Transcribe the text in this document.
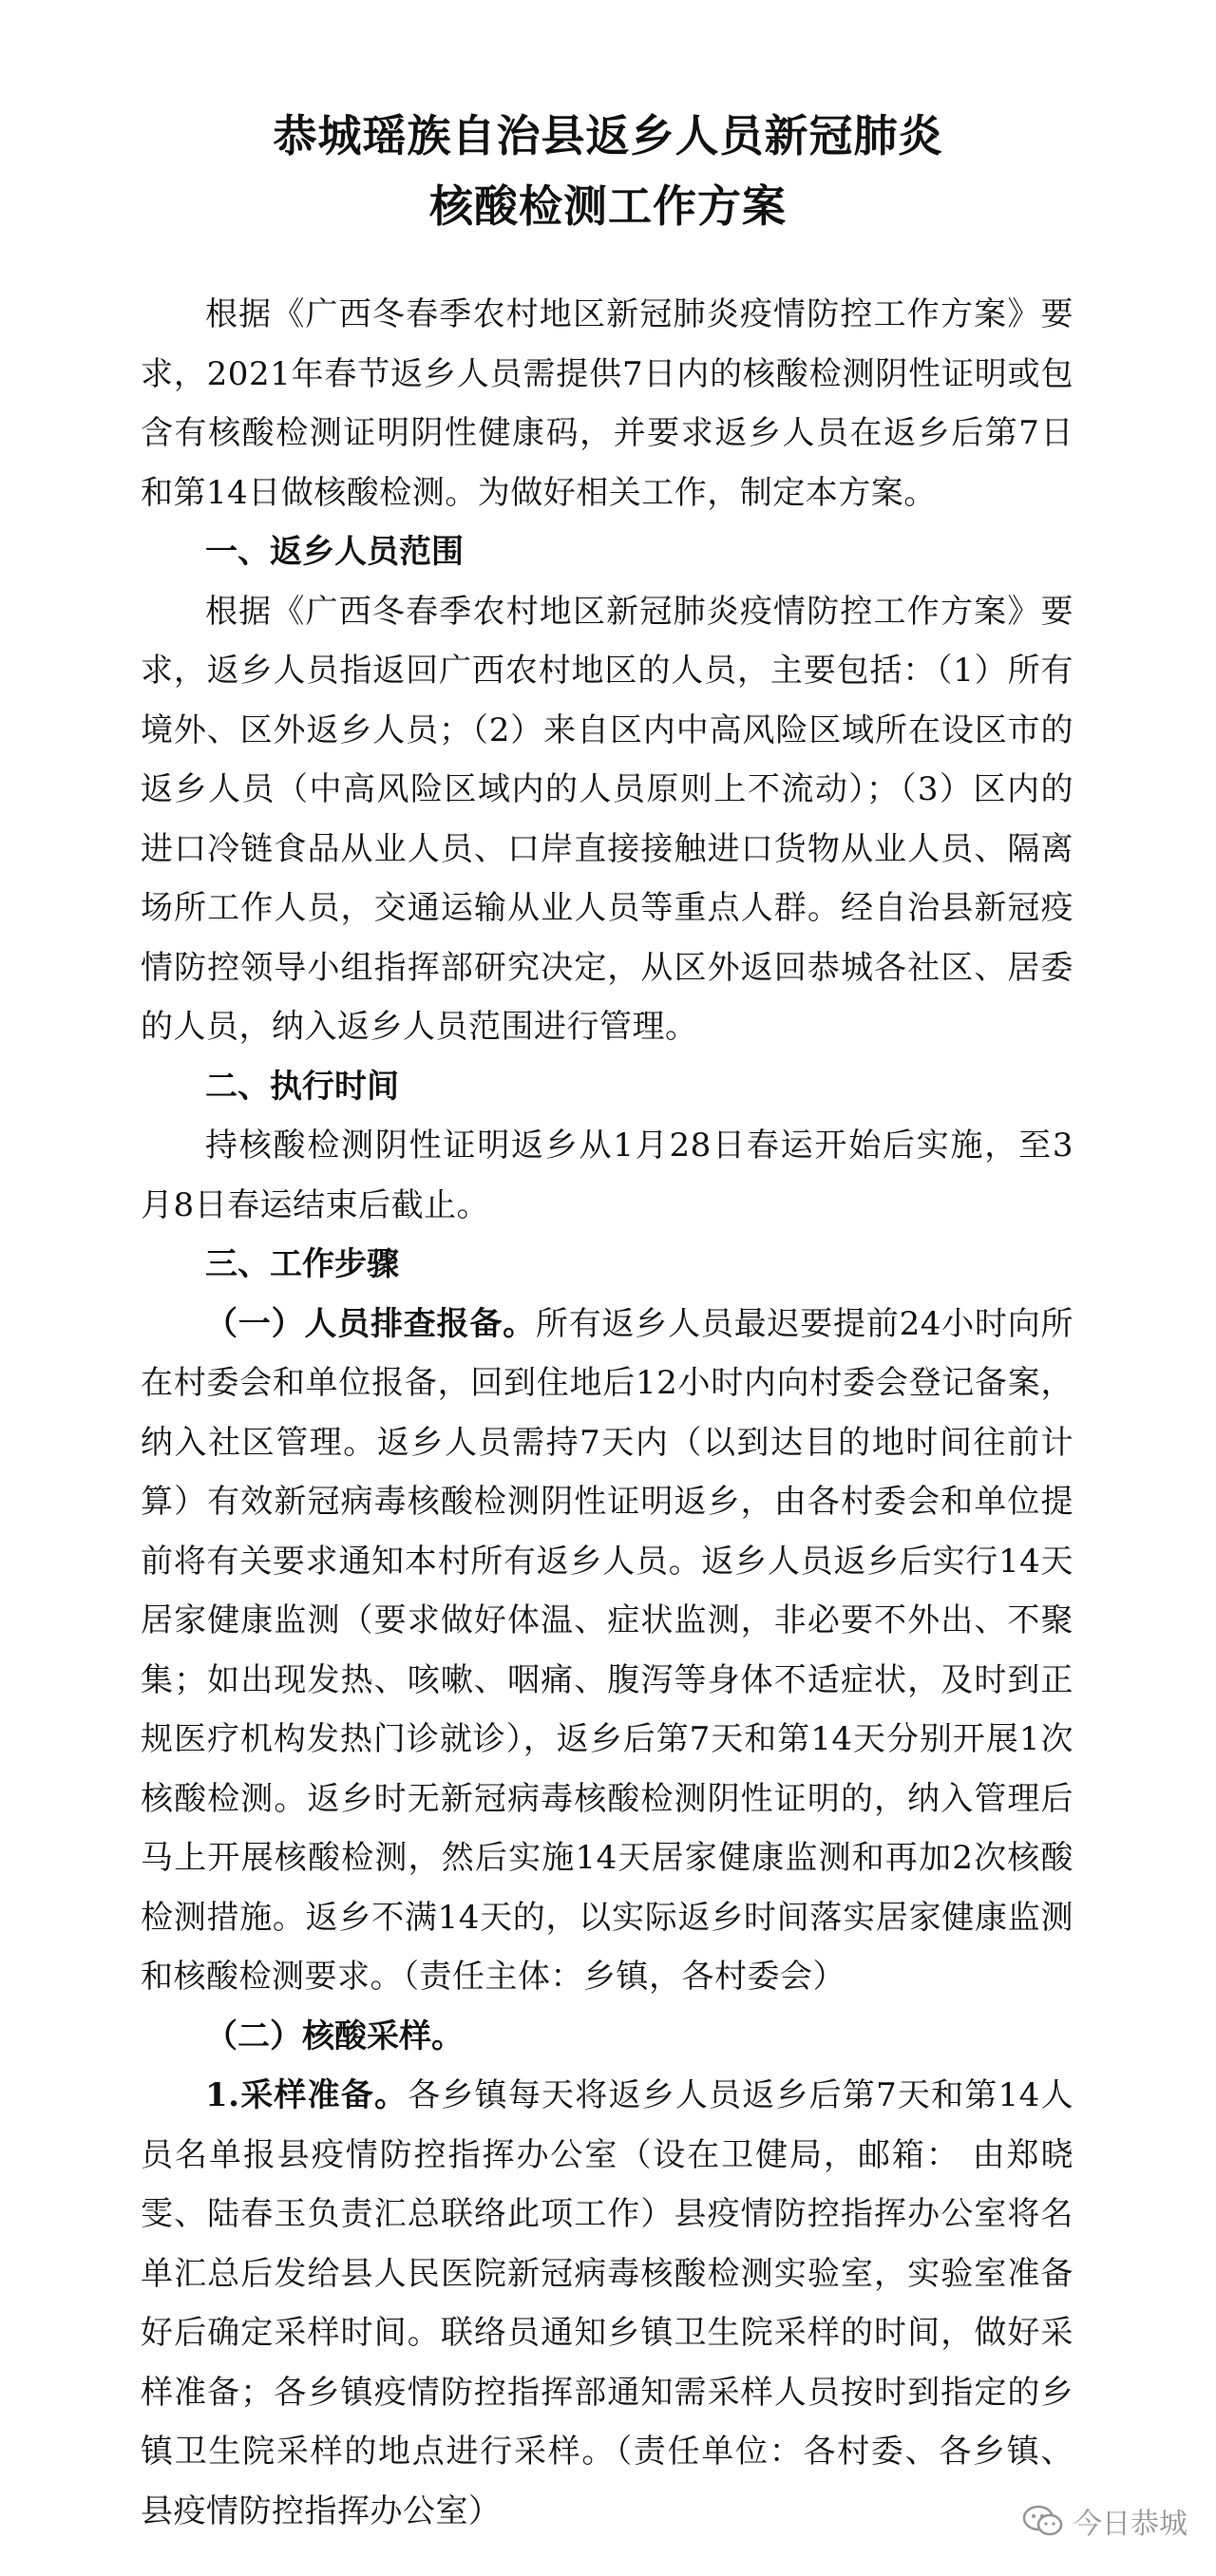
恭城瑶族自治县返乡人员新冠肺炎
核酸检测工作方案

根据《广西冬春季农村地区新冠肺炎疫情防控工作方案》要求，2021年春节返乡人员需提供7日内的核酸检测阴性证明或包含有核酸检测证明阴性健康码，并要求返乡人员在返乡后第7日和第14日做核酸检测。为做好相关工作，制定本方案。

一、返乡人员范围

根据《广西冬春季农村地区新冠肺炎疫情防控工作方案》要求，返乡人员指返回广西农村地区的人员，主要包括：（1）所有境外、区外返乡人员；（2）来自区内中高风险区域所在设区市的返乡人员（中高风险区域内的人员原则上不流动）；（3）区内的进口冷链食品从业人员、口岸直接接触进口货物从业人员、隔离场所工作人员，交通运输从业人员等重点人群。经自治县新冠疫情防控领导小组指挥部研究决定，从区外返回恭城各社区、居委的人员，纳入返乡人员范围进行管理。

二、执行时间

持核酸检测阴性证明返乡从1月28日春运开始后实施，至3月8日春运结束后截止。

三、工作步骤

（一）人员排查报备。所有返乡人员最迟要提前24小时向所在村委会和单位报备，回到住地后12小时内向村委会登记备案，纳入社区管理。返乡人员需持7天内（以到达目的地时间往前计算）有效新冠病毒核酸检测阴性证明返乡，由各村委会和单位提前将有关要求通知本村所有返乡人员。返乡人员返乡后实行14天居家健康监测（要求做好体温、症状监测，非必要不外出、不聚集；如出现发热、咳嗽、咽痛、腹泻等身体不适症状，及时到正规医疗机构发热门诊就诊），返乡后第7天和第14天分别开展1次核酸检测。返乡时无新冠病毒核酸检测阴性证明的，纳入管理后马上开展核酸检测，然后实施14天居家健康监测和再加2次核酸检测措施。返乡不满14天的，以实际返乡时间落实居家健康监测和核酸检测要求。（责任主体：乡镇，各村委会）

（二）核酸采样。

1.采样准备。各乡镇每天将返乡人员返乡后第7天和第14人员名单报县疫情防控指挥办公室（设在卫健局，邮箱： 由郑晓雯、陆春玉负责汇总联络此项工作）县疫情防控指挥办公室将名单汇总后发给县人民医院新冠病毒核酸检测实验室，实验室准备好后确定采样时间。联络员通知乡镇卫生院采样的时间，做好采样准备；各乡镇疫情防控指挥部通知需采样人员按时到指定的乡镇卫生院采样的地点进行采样。（责任单位：各村委、各乡镇、县疫情防控指挥办公室）	今日恭城
